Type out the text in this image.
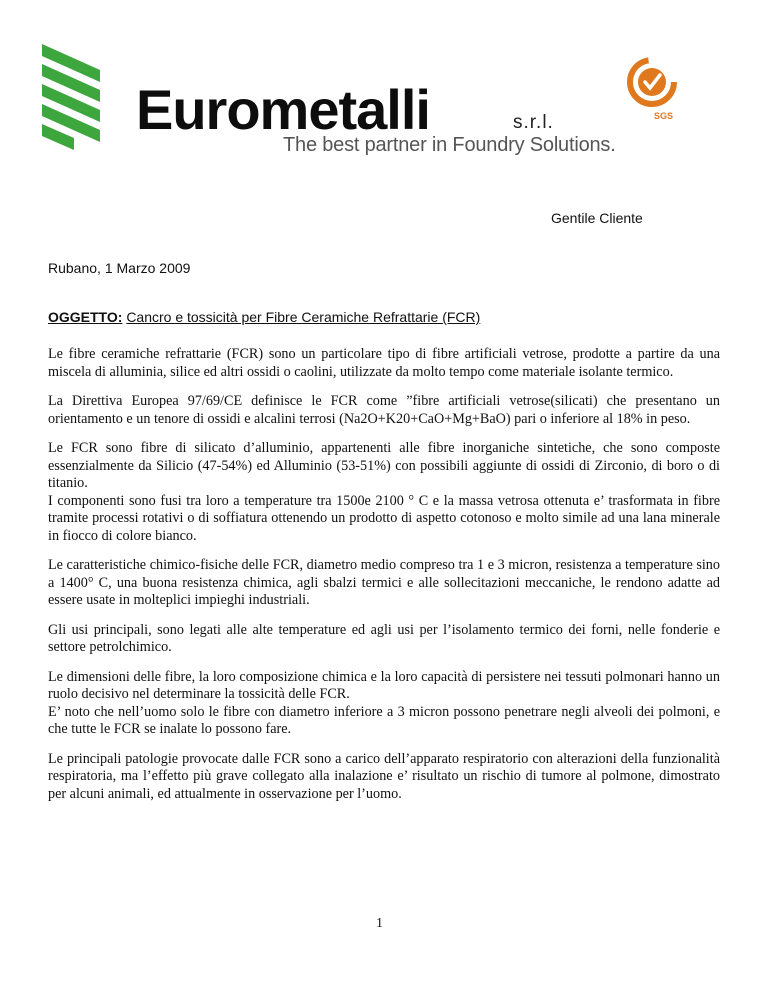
Eurometalli	s.r.l.
The best partner in Foundry Solutions.
SGS
Gentile Cliente
Rubano, 1 Marzo 2009
OGGETTO: Cancro e tossicità per Fibre Ceramiche Refrattarie (FCR)

Le fibre ceramiche refrattarie (FCR) sono un particolare tipo di fibre artificiali vetrose, prodotte a partire da una miscela di alluminia, silice ed altri ossidi o caolini, utilizzate da molto tempo come materiale isolante termico.

La Direttiva Europea 97/69/CE definisce le FCR come ”fibre artificiali vetrose(silicati) che presentano un orientamento e un tenore di ossidi e alcalini terrosi (Na2O+K20+CaO+Mg+BaO) pari o inferiore al 18% in peso.

Le FCR sono fibre di silicato d’alluminio, appartenenti alle fibre inorganiche sintetiche, che sono composte essenzialmente da Silicio (47-54%) ed Alluminio (53-51%) con possibili aggiunte di ossidi di Zirconio, di boro o di titanio.
I componenti sono fusi tra loro a temperature tra 1500e 2100 ° C e la massa vetrosa ottenuta e’ trasformata in fibre tramite processi rotativi o di soffiatura ottenendo un prodotto di aspetto cotonoso e molto simile ad una lana minerale in fiocco di colore bianco.

Le caratteristiche chimico-fisiche delle FCR, diametro medio compreso tra 1 e 3 micron, resistenza a temperature sino a 1400° C, una buona resistenza chimica, agli sbalzi termici e alle sollecitazioni meccaniche, le rendono adatte ad essere usate in molteplici impieghi industriali.

Gli usi principali, sono legati alle alte temperature ed agli usi per l’isolamento termico dei forni, nelle fonderie e settore petrolchimico.

Le dimensioni delle fibre, la loro composizione chimica e la loro capacità di persistere nei tessuti polmonari hanno un ruolo decisivo nel determinare la tossicità delle FCR.
E’ noto che nell’uomo solo le fibre con diametro inferiore a 3 micron possono penetrare negli alveoli dei polmoni, e che tutte le FCR se inalate lo possono fare.

Le principali patologie provocate dalle FCR sono a carico dell’apparato respiratorio con alterazioni della funzionalità respiratoria, ma l’effetto più grave collegato alla inalazione e’ risultato un rischio di tumore al polmone, dimostrato per alcuni animali, ed attualmente in osservazione per l’uomo.

1
